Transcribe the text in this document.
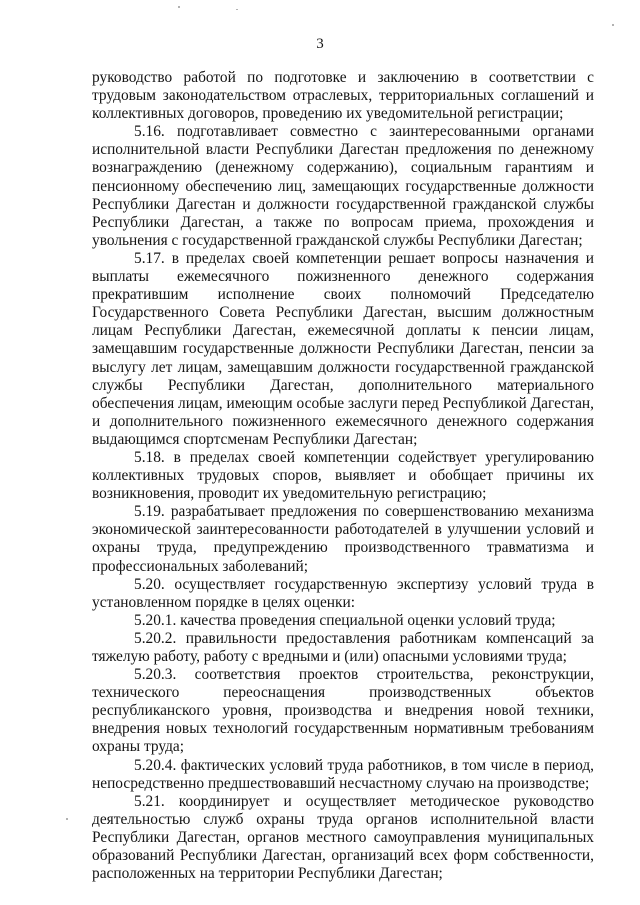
3

руководство работой по подготовке и заключению в соответствии с трудовым законодательством отраслевых, территориальных соглашений и коллективных договоров, проведению их уведомительной регистрации;

5.16. подготавливает совместно с заинтересованными органами исполнительной власти Республики Дагестан предложения по денежному вознаграждению (денежному содержанию), социальным гарантиям и пенсионному обеспечению лиц, замещающих государственные должности Республики Дагестан и должности государственной гражданской службы Республики Дагестан, а также по вопросам приема, прохождения и увольнения с государственной гражданской службы Республики Дагестан;

5.17. в пределах своей компетенции решает вопросы назначения и выплаты ежемесячного пожизненного денежного содержания прекратившим исполнение своих полномочий Председателю Государственного Совета Республики Дагестан, высшим должностным лицам Республики Дагестан, ежемесячной доплаты к пенсии лицам, замещавшим государственные должности Республики Дагестан, пенсии за выслугу лет лицам, замещавшим должности государственной гражданской службы Республики Дагестан, дополнительного материального обеспечения лицам, имеющим особые заслуги перед Республикой Дагестан, и дополнительного пожизненного ежемесячного денежного содержания выдающимся спортсменам Республики Дагестан;

5.18. в пределах своей компетенции содействует урегулированию коллективных трудовых споров, выявляет и обобщает причины их возникновения, проводит их уведомительную регистрацию;

5.19. разрабатывает предложения по совершенствованию механизма экономической заинтересованности работодателей в улучшении условий и охраны труда, предупреждению производственного травматизма и профессиональных заболеваний;

5.20. осуществляет государственную экспертизу условий труда в установленном порядке в целях оценки:

5.20.1. качества проведения специальной оценки условий труда;

5.20.2. правильности предоставления работникам компенсаций за тяжелую работу, работу с вредными и (или) опасными условиями труда;

5.20.3. соответствия проектов строительства, реконструкции, технического переоснащения производственных объектов республиканского уровня, производства и внедрения новой техники, внедрения новых технологий государственным нормативным требованиям охраны труда;

5.20.4. фактических условий труда работников, в том числе в период, непосредственно предшествовавший несчастному случаю на производстве;

5.21. координирует и осуществляет методическое руководство деятельностью служб охраны труда органов исполнительной власти Республики Дагестан, органов местного самоуправления муниципальных образований Республики Дагестан, организаций всех форм собственности, расположенных на территории Республики Дагестан;
